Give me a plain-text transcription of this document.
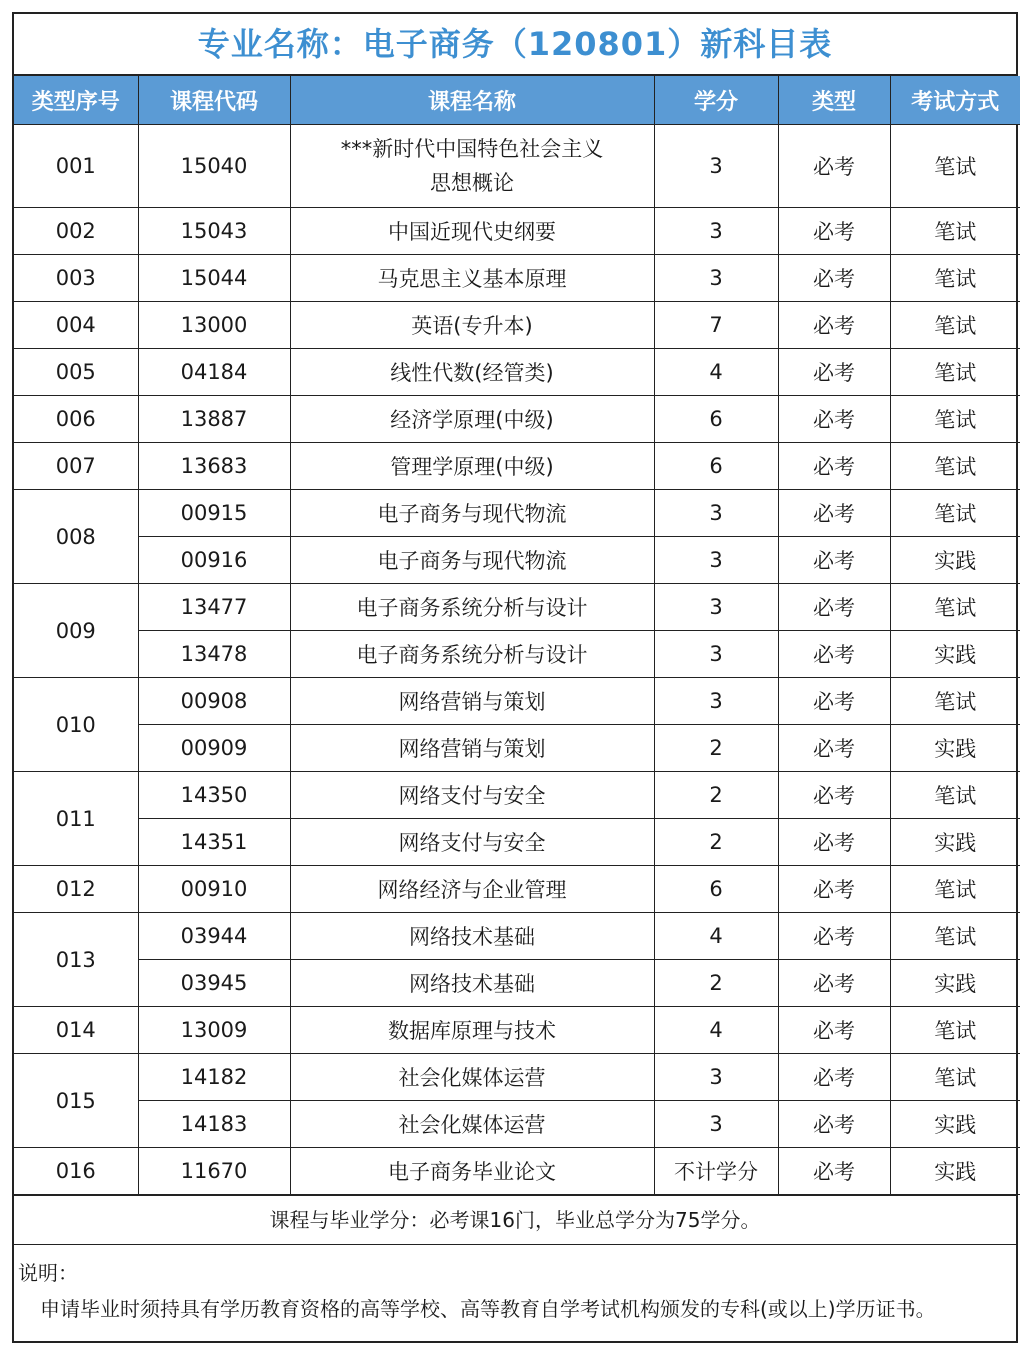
专业名称：电子商务（120801）新科目表
类型序号	课程代码	课程名称	学分	类型	考试方式
001	15040	***新时代中国特色社会主义思想概论	3	必考	笔试
002	15043	中国近现代史纲要	3	必考	笔试
003	15044	马克思主义基本原理	3	必考	笔试
004	13000	英语(专升本)	7	必考	笔试
005	04184	线性代数(经管类)	4	必考	笔试
006	13887	经济学原理(中级)	6	必考	笔试
007	13683	管理学原理(中级)	6	必考	笔试
008	00915	电子商务与现代物流	3	必考	笔试
	00916	电子商务与现代物流	3	必考	实践
009	13477	电子商务系统分析与设计	3	必考	笔试
	13478	电子商务系统分析与设计	3	必考	实践
010	00908	网络营销与策划	3	必考	笔试
	00909	网络营销与策划	2	必考	实践
011	14350	网络支付与安全	2	必考	笔试
	14351	网络支付与安全	2	必考	实践
012	00910	网络经济与企业管理	6	必考	笔试
013	03944	网络技术基础	4	必考	笔试
	03945	网络技术基础	2	必考	实践
014	13009	数据库原理与技术	4	必考	笔试
015	14182	社会化媒体运营	3	必考	笔试
	14183	社会化媒体运营	3	必考	实践
016	11670	电子商务毕业论文	不计学分	必考	实践
课程与毕业学分：必考课16门，毕业总学分为75学分。
说明：
申请毕业时须持具有学历教育资格的高等学校、高等教育自学考试机构颁发的专科(或以上)学历证书。
